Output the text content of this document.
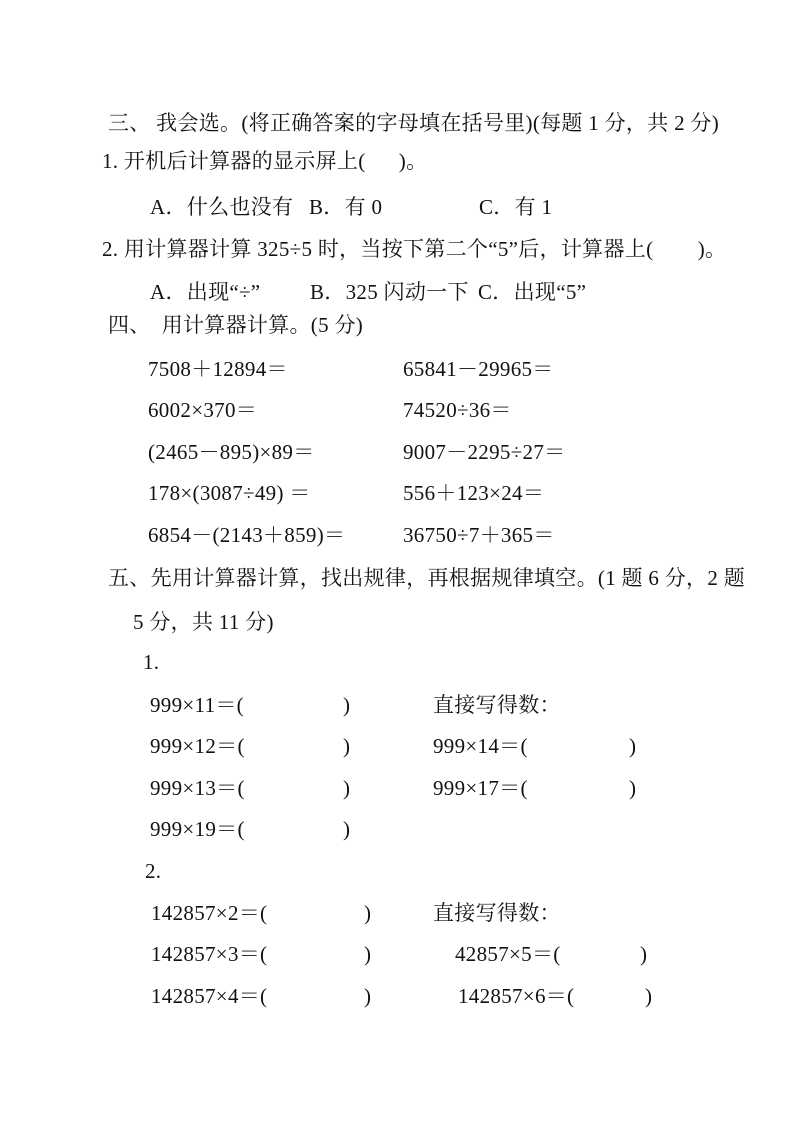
三、 我会选。(将正确答案的字母填在括号里)(每题 1 分，共 2 分)
1. 开机后计算器的显示屏上(      )。
A．什么也没有 B．有 0	C．有 1
2. 用计算器计算 325÷5 时，当按下第二个“5”后，计算器上(        )。
A．出现“÷” B．325 闪动一下 C．出现“5”
四、  用计算器计算。(5 分)
7508＋12894＝	65841－29965＝
6002×370＝	74520÷36＝
(2465－895)×89＝	9007－2295÷27＝
178×(3087÷49) ＝	556＋123×24＝
6854－(2143＋859)＝	36750÷7＋365＝
五、先用计算器计算，找出规律，再根据规律填空。(1 题 6 分，2 题
5 分，共 11 分)
1.
999×11＝(	)	直接写得数：
999×12＝(	)	999×14＝(	)
999×13＝(	)	999×17＝(	)
999×19＝(	)
2.
142857×2＝(	)	直接写得数：
142857×3＝(	)	42857×5＝(	)
142857×4＝(	)	142857×6＝(	)
